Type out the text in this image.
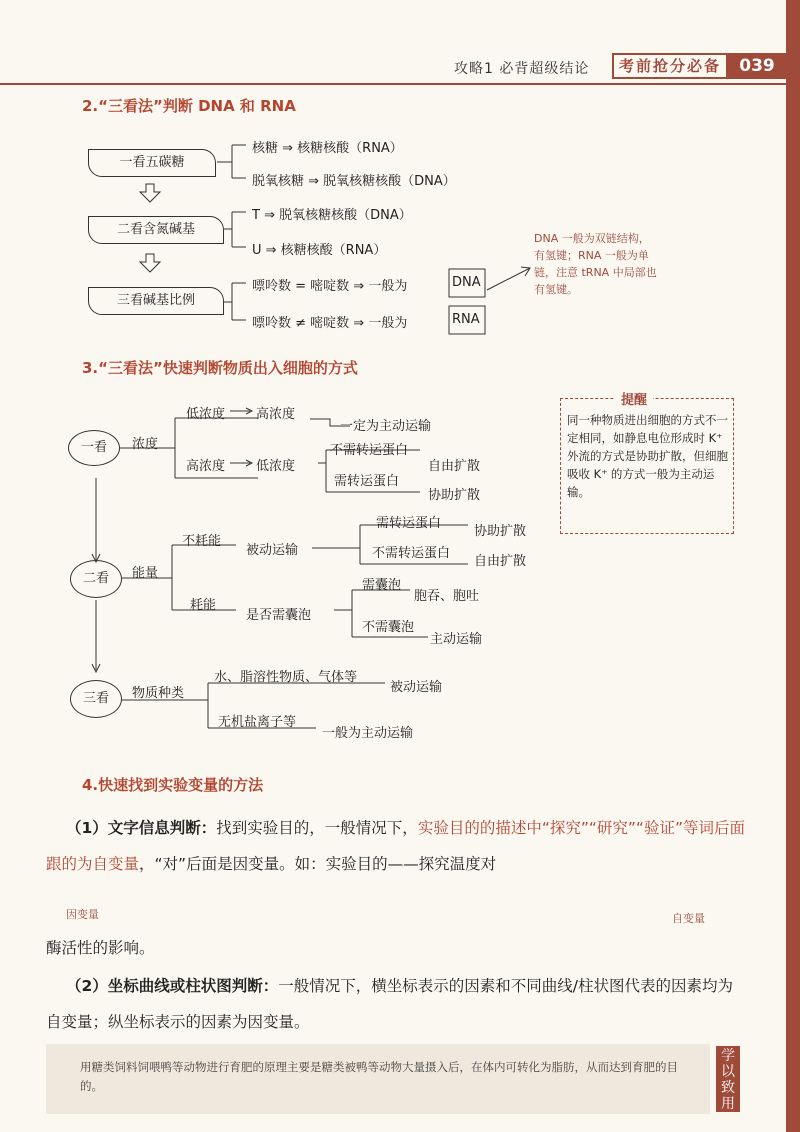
攻略1 必背超级结论	考前抢分必备	039
2.“三看法”判断 DNA 和 RNA
一看五碳糖
二看含氮碱基
三看碱基比例
核糖 ⇒ 核糖核酸（RNA）
脱氧核糖 ⇒ 脱氧核糖核酸（DNA）
T ⇒ 脱氧核糖核酸（DNA）
U ⇒ 核糖核酸（RNA）
嘌呤数 = 嘧啶数 ⇒ 一般为	DNA
嘌呤数 ≠ 嘧啶数 ⇒ 一般为	RNA
DNA 一般为双链结构，
有氢键；RNA 一般为单
链，注意 tRNA 中局部也
有氢键。
3.“三看法”快速判断物质出入细胞的方式
一看
二看
三看
浓度
低浓度 高浓度
一定为主动运输
高浓度 低浓度
不需转运蛋白
自由扩散
需转运蛋白
协助扩散
能量
不耗能
被动运输
需转运蛋白
协助扩散
不需转运蛋白
自由扩散
耗能
是否需囊泡
需囊泡
胞吞、胞吐
不需囊泡
主动运输
物质种类
水、脂溶性物质、气体等
被动运输
无机盐离子等
一般为主动运输
提醒
同一种物质进出细胞的方式不一定相同，如静息电位形成时 K⁺ 外流的方式是协助扩散，但细胞吸收 K⁺ 的方式一般为主动运输。
4.快速找到实验变量的方法
（1）文字信息判断：找到实验目的，一般情况下，实验目的的描述中“探究”“研究”“验证”等词后面跟的为自变量，“对”后面是因变量。如：实验目的——探究温度对
因变量	自变量
酶活性的影响。
（2）坐标曲线或柱状图判断：一般情况下，横坐标表示的因素和不同曲线/柱状图代表的因素均为自变量；纵坐标表示的因素为因变量。
用糖类饲料饲喂鸭等动物进行育肥的原理主要是糖类被鸭等动物大量摄入后，在体内可转化为脂肪，从而达到育肥的目的。
学以致用
